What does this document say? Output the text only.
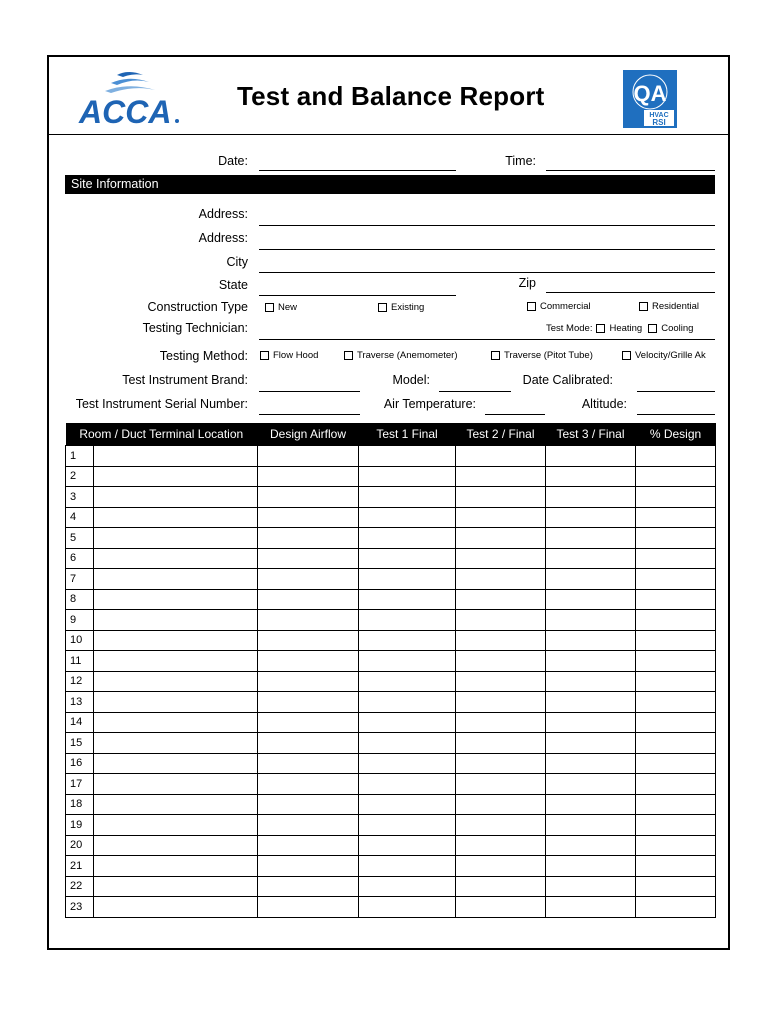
ACCA	Test and Balance Report	QA
HVAC
RSI
Date:	Time:
Site Information
Address:
Address:
City
State	Zip
Construction Type	New	Existing	Commercial	Residential
Testing Technician:	Test Mode: Heating Cooling
Testing Method:	Flow Hood	Traverse (Anemometer)	Traverse (Pitot Tube)	Velocity/Grille Ak
Test Instrument Brand:	Model:	Date Calibrated:
Test Instrument Serial Number:	Air Temperature:	Altitude:
Room / Duct Terminal Location		Design Airflow	Test 1 Final	Test 2 / Final	Test 3 / Final	% Design
1						
2						
3						
4						
5						
6						
7						
8						
9						
10						
11						
12						
13						
14						
15						
16						
17						
18						
19						
20						
21						
22						
23						
